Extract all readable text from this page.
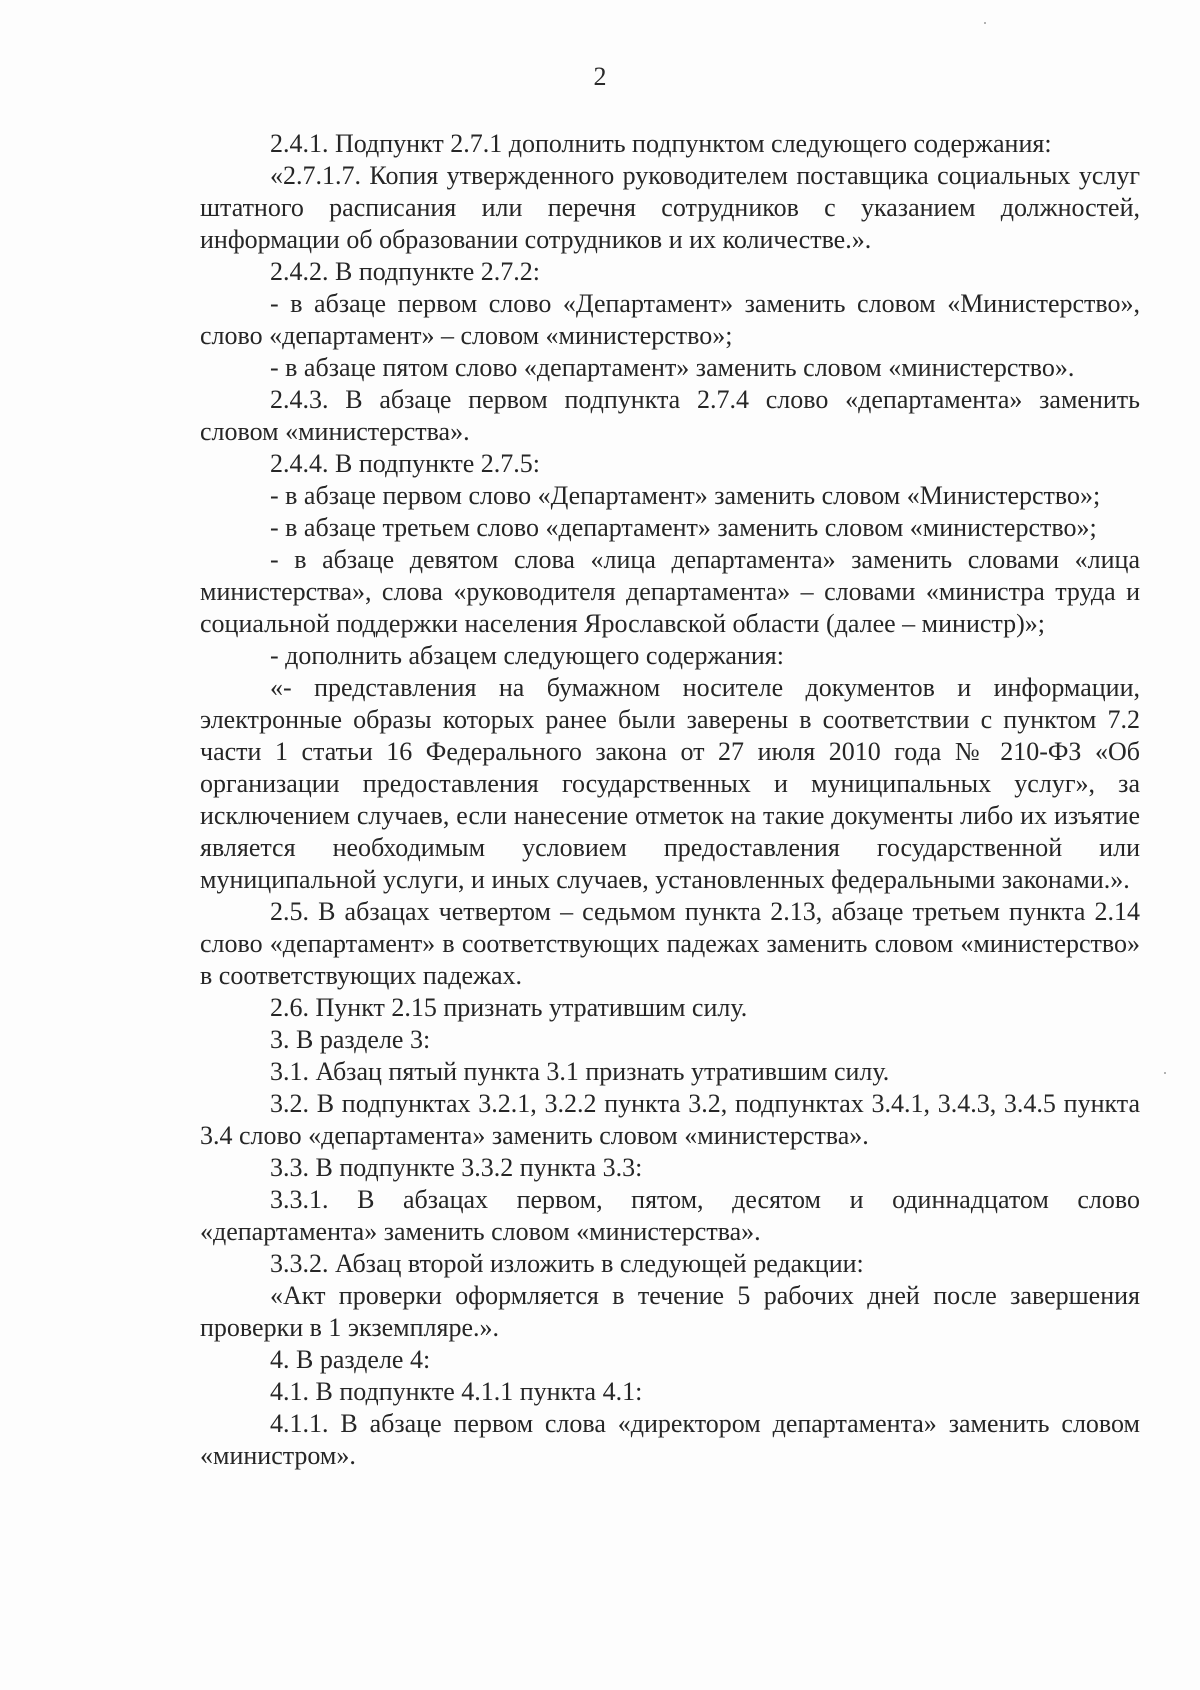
2

2.4.1. Подпункт 2.7.1 дополнить подпунктом следующего содержания:

«2.7.1.7. Копия утвержденного руководителем поставщика социальных услуг штатного расписания или перечня сотрудников с указанием должностей, информации об образовании сотрудников и их количестве.».

2.4.2. В подпункте 2.7.2:

- в абзаце первом слово «Департамент» заменить словом «Министерство», слово «департамент» – словом «министерство»;

- в абзаце пятом слово «департамент» заменить словом «министерство».

2.4.3. В абзаце первом подпункта 2.7.4 слово «департамента» заменить словом «министерства».

2.4.4. В подпункте 2.7.5:

- в абзаце первом слово «Департамент» заменить словом «Министерство»;

- в абзаце третьем слово «департамент» заменить словом «министерство»;

- в абзаце девятом слова «лица департамента» заменить словами «лица министерства», слова «руководителя департамента» – словами «министра труда и социальной поддержки населения Ярославской области (далее – министр)»;

- дополнить абзацем следующего содержания:

«- представления на бумажном носителе документов и информации, электронные образы которых ранее были заверены в соответствии с пунктом 7.2 части 1 статьи 16 Федерального закона от 27 июля 2010 года № 210-ФЗ «Об организации предоставления государственных и муниципальных услуг», за исключением случаев, если нанесение отметок на такие документы либо их изъятие является необходимым условием предоставления государственной или муниципальной услуги, и иных случаев, установленных федеральными законами.».

2.5. В абзацах четвертом – седьмом пункта 2.13, абзаце третьем пункта 2.14 слово «департамент» в соответствующих падежах заменить словом «министерство» в соответствующих падежах.

2.6. Пункт 2.15 признать утратившим силу.

3. В разделе 3:

3.1. Абзац пятый пункта 3.1 признать утратившим силу.

3.2. В подпунктах 3.2.1, 3.2.2 пункта 3.2, подпунктах 3.4.1, 3.4.3, 3.4.5 пункта 3.4 слово «департамента» заменить словом «министерства».

3.3. В подпункте 3.3.2 пункта 3.3:

3.3.1. В абзацах первом, пятом, десятом и одиннадцатом слово «департамента» заменить словом «министерства».

3.3.2. Абзац второй изложить в следующей редакции:

«Акт проверки оформляется в течение 5 рабочих дней после завершения проверки в 1 экземпляре.».

4. В разделе 4:

4.1. В подпункте 4.1.1 пункта 4.1:

4.1.1. В абзаце первом слова «директором департамента» заменить словом «министром».
